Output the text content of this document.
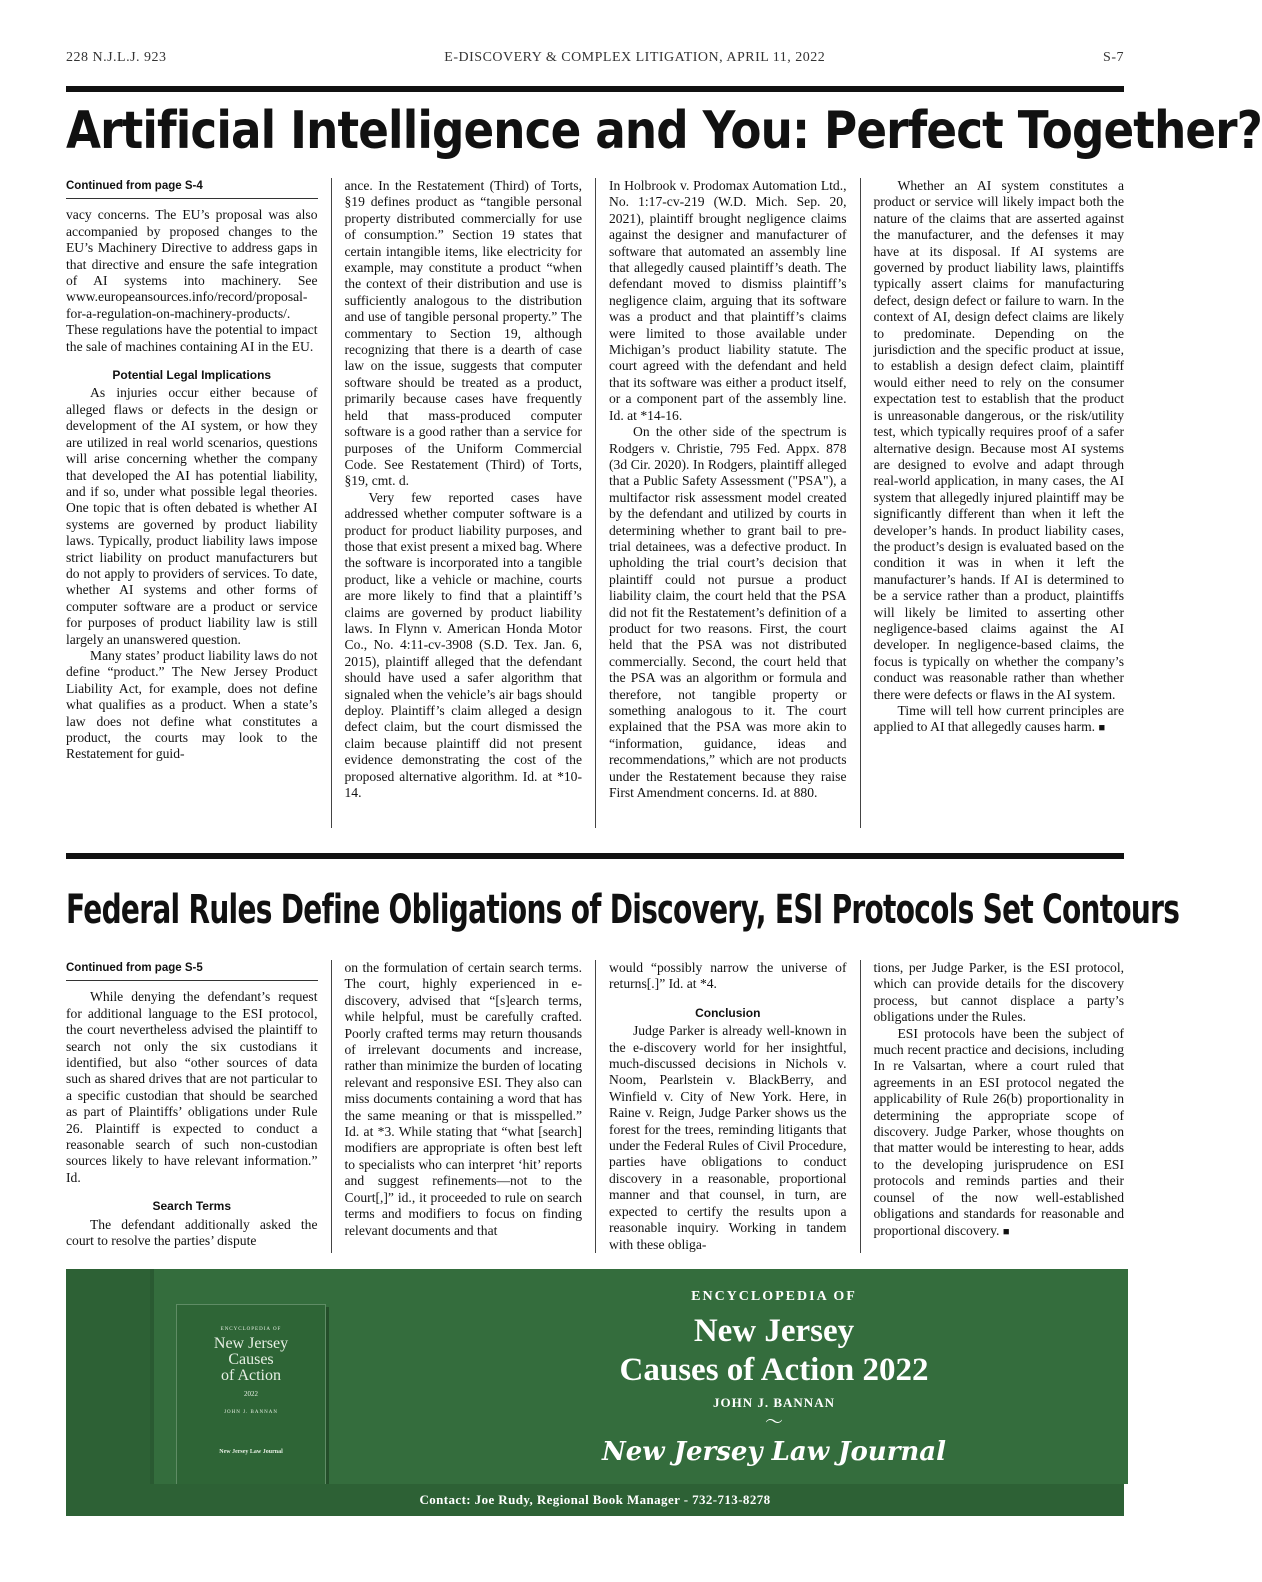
228 N.J.L.J. 923	E-DISCOVERY & COMPLEX LITIGATION, APRIL 11, 2022	S-7
Artificial Intelligence and You: Perfect Together?
Continued from page S-4

vacy concerns. The EU’s proposal was also accompanied by proposed changes to the EU’s Machinery Directive to address gaps in that directive and ensure the safe integration of AI systems into machinery. See www.europeansources.info/record/proposal-for-a-regulation-on-machinery-products/. These regulations have the potential to impact the sale of machines containing AI in the EU.

Potential Legal Implications

As injuries occur either because of alleged flaws or defects in the design or development of the AI system, or how they are utilized in real world scenarios, questions will arise concerning whether the company that developed the AI has potential liability, and if so, under what possible legal theories. One topic that is often debated is whether AI systems are governed by product liability laws. Typically, product liability laws impose strict liability on product manufacturers but do not apply to providers of services. To date, whether AI systems and other forms of computer software are a product or service for purposes of product liability law is still largely an unanswered question.

Many states’ product liability laws do not define “product.” The New Jersey Product Liability Act, for example, does not define what qualifies as a product. When a state’s law does not define what constitutes a product, the courts may look to the Restatement for guid-

ance. In the Restatement (Third) of Torts, §19 defines product as “tangible personal property distributed commercially for use of consumption.” Section 19 states that certain intangible items, like electricity for example, may constitute a product “when the context of their distribution and use is sufficiently analogous to the distribution and use of tangible personal property.” The commentary to Section 19, although recognizing that there is a dearth of case law on the issue, suggests that computer software should be treated as a product, primarily because cases have frequently held that mass-produced computer software is a good rather than a service for purposes of the Uniform Commercial Code. See Restatement (Third) of Torts, §19, cmt. d.

Very few reported cases have addressed whether computer software is a product for product liability purposes, and those that exist present a mixed bag. Where the software is incorporated into a tangible product, like a vehicle or machine, courts are more likely to find that a plaintiff’s claims are governed by product liability laws. In Flynn v. American Honda Motor Co., No. 4:11-cv-3908 (S.D. Tex. Jan. 6, 2015), plaintiff alleged that the defendant should have used a safer algorithm that signaled when the vehicle’s air bags should deploy. Plaintiff’s claim alleged a design defect claim, but the court dismissed the claim because plaintiff did not present evidence demonstrating the cost of the proposed alternative algorithm. Id. at *10-14.

In Holbrook v. Prodomax Automation Ltd., No. 1:17-cv-219 (W.D. Mich. Sep. 20, 2021), plaintiff brought negligence claims against the designer and manufacturer of software that automated an assembly line that allegedly caused plaintiff’s death. The defendant moved to dismiss plaintiff’s negligence claim, arguing that its software was a product and that plaintiff’s claims were limited to those available under Michigan’s product liability statute. The court agreed with the defendant and held that its software was either a product itself, or a component part of the assembly line. Id. at *14-16.

On the other side of the spectrum is Rodgers v. Christie, 795 Fed. Appx. 878 (3d Cir. 2020). In Rodgers, plaintiff alleged that a Public Safety Assessment ("PSA"), a multifactor risk assessment model created by the defendant and utilized by courts in determining whether to grant bail to pre-trial detainees, was a defective product. In upholding the trial court’s decision that plaintiff could not pursue a product liability claim, the court held that the PSA did not fit the Restatement’s definition of a product for two reasons. First, the court held that the PSA was not distributed commercially. Second, the court held that the PSA was an algorithm or formula and therefore, not tangible property or something analogous to it. The court explained that the PSA was more akin to “information, guidance, ideas and recommendations,” which are not products under the Restatement because they raise First Amendment concerns. Id. at 880.

Whether an AI system constitutes a product or service will likely impact both the nature of the claims that are asserted against the manufacturer, and the defenses it may have at its disposal. If AI systems are governed by product liability laws, plaintiffs typically assert claims for manufacturing defect, design defect or failure to warn. In the context of AI, design defect claims are likely to predominate. Depending on the jurisdiction and the specific product at issue, to establish a design defect claim, plaintiff would either need to rely on the consumer expectation test to establish that the product is unreasonable dangerous, or the risk/utility test, which typically requires proof of a safer alternative design. Because most AI systems are designed to evolve and adapt through real-world application, in many cases, the AI system that allegedly injured plaintiff may be significantly different than when it left the developer’s hands. In product liability cases, the product’s design is evaluated based on the condition it was in when it left the manufacturer’s hands. If AI is determined to be a service rather than a product, plaintiffs will likely be limited to asserting other negligence-based claims against the AI developer. In negligence-based claims, the focus is typically on whether the company’s conduct was reasonable rather than whether there were defects or flaws in the AI system.

Time will tell how current principles are applied to AI that allegedly causes harm. ■

Federal Rules Define Obligations of Discovery, ESI Protocols Set Contours
Continued from page S-5

While denying the defendant’s request for additional language to the ESI protocol, the court nevertheless advised the plaintiff to search not only the six custodians it identified, but also “other sources of data such as shared drives that are not particular to a specific custodian that should be searched as part of Plaintiffs’ obligations under Rule 26. Plaintiff is expected to conduct a reasonable search of such non-custodian sources likely to have relevant information.” Id.

Search Terms

The defendant additionally asked the court to resolve the parties’ dispute

on the formulation of certain search terms. The court, highly experienced in e-discovery, advised that “[s]earch terms, while helpful, must be carefully crafted. Poorly crafted terms may return thousands of irrelevant documents and increase, rather than minimize the burden of locating relevant and responsive ESI. They also can miss documents containing a word that has the same meaning or that is misspelled.” Id. at *3. While stating that “what [search] modifiers are appropriate is often best left to specialists who can interpret ‘hit’ reports and suggest refinements—not to the Court[,]” id., it proceeded to rule on search terms and modifiers to focus on finding relevant documents and that

would “possibly narrow the universe of returns[.]” Id. at *4.

Conclusion

Judge Parker is already well-known in the e-discovery world for her insightful, much-discussed decisions in Nichols v. Noom, Pearlstein v. BlackBerry, and Winfield v. City of New York. Here, in Raine v. Reign, Judge Parker shows us the forest for the trees, reminding litigants that under the Federal Rules of Civil Procedure, parties have obligations to conduct discovery in a reasonable, proportional manner and that counsel, in turn, are expected to certify the results upon a reasonable inquiry. Working in tandem with these obliga-

tions, per Judge Parker, is the ESI protocol, which can provide details for the discovery process, but cannot displace a party’s obligations under the Rules.

ESI protocols have been the subject of much recent practice and decisions, including In re Valsartan, where a court ruled that agreements in an ESI protocol negated the applicability of Rule 26(b) proportionality in determining the appropriate scope of discovery. Judge Parker, whose thoughts on that matter would be interesting to hear, adds to the developing jurisprudence on ESI protocols and reminds parties and their counsel of the now well-established obligations and standards for reasonable and proportional discovery. ■

ENCYCLOPEDIA OF
New Jersey
Causes
of Action
2022
JOHN J. BANNAN
New Jersey Law Journal
ENCYCLOPEDIA OF
New Jersey
Causes of Action 2022
JOHN J. BANNAN
〜
New Jersey Law Journal
Contact: Joe Rudy, Regional Book Manager - 732-713-8278
